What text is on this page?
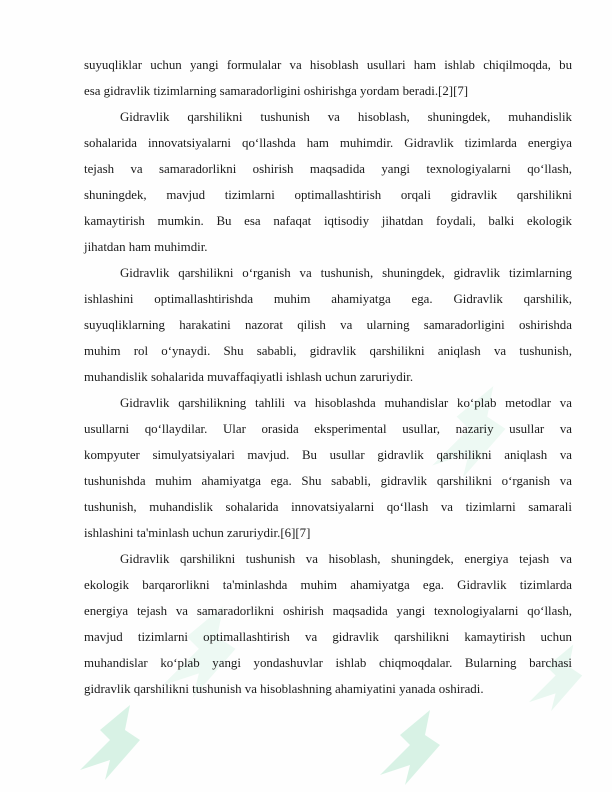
suyuqliklar uchun yangi formulalar va hisoblash usullari ham ishlab chiqilmoqda, bu
esa gidravlik tizimlarning samaradorligini oshirishga yordam beradi.[2][7]

Gidravlik qarshilikni tushunish va hisoblash, shuningdek, muhandislik
sohalarida innovatsiyalarni qo‘llashda ham muhimdir. Gidravlik tizimlarda energiya
tejash va samaradorlikni oshirish maqsadida yangi texnologiyalarni qo‘llash,
shuningdek, mavjud tizimlarni optimallashtirish orqali gidravlik qarshilikni
kamaytirish mumkin. Bu esa nafaqat iqtisodiy jihatdan foydali, balki ekologik
jihatdan ham muhimdir.

Gidravlik qarshilikni o‘rganish va tushunish, shuningdek, gidravlik tizimlarning
ishlashini optimallashtirishda muhim ahamiyatga ega. Gidravlik qarshilik,
suyuqliklarning harakatini nazorat qilish va ularning samaradorligini oshirishda
muhim rol o‘ynaydi. Shu sababli, gidravlik qarshilikni aniqlash va tushunish,
muhandislik sohalarida muvaffaqiyatli ishlash uchun zaruriydir.

Gidravlik qarshilikning tahlili va hisoblashda muhandislar ko‘plab metodlar va
usullarni qo‘llaydilar. Ular orasida eksperimental usullar, nazariy usullar va
kompyuter simulyatsiyalari mavjud. Bu usullar gidravlik qarshilikni aniqlash va
tushunishda muhim ahamiyatga ega. Shu sababli, gidravlik qarshilikni o‘rganish va
tushunish, muhandislik sohalarida innovatsiyalarni qo‘llash va tizimlarni samarali
ishlashini ta'minlash uchun zaruriydir.[6][7]

Gidravlik qarshilikni tushunish va hisoblash, shuningdek, energiya tejash va
ekologik barqarorlikni ta'minlashda muhim ahamiyatga ega. Gidravlik tizimlarda
energiya tejash va samaradorlikni oshirish maqsadida yangi texnologiyalarni qo‘llash,
mavjud tizimlarni optimallashtirish va gidravlik qarshilikni kamaytirish uchun
muhandislar ko‘plab yangi yondashuvlar ishlab chiqmoqdalar. Bularning barchasi
gidravlik qarshilikni tushunish va hisoblashning ahamiyatini yanada oshiradi.
